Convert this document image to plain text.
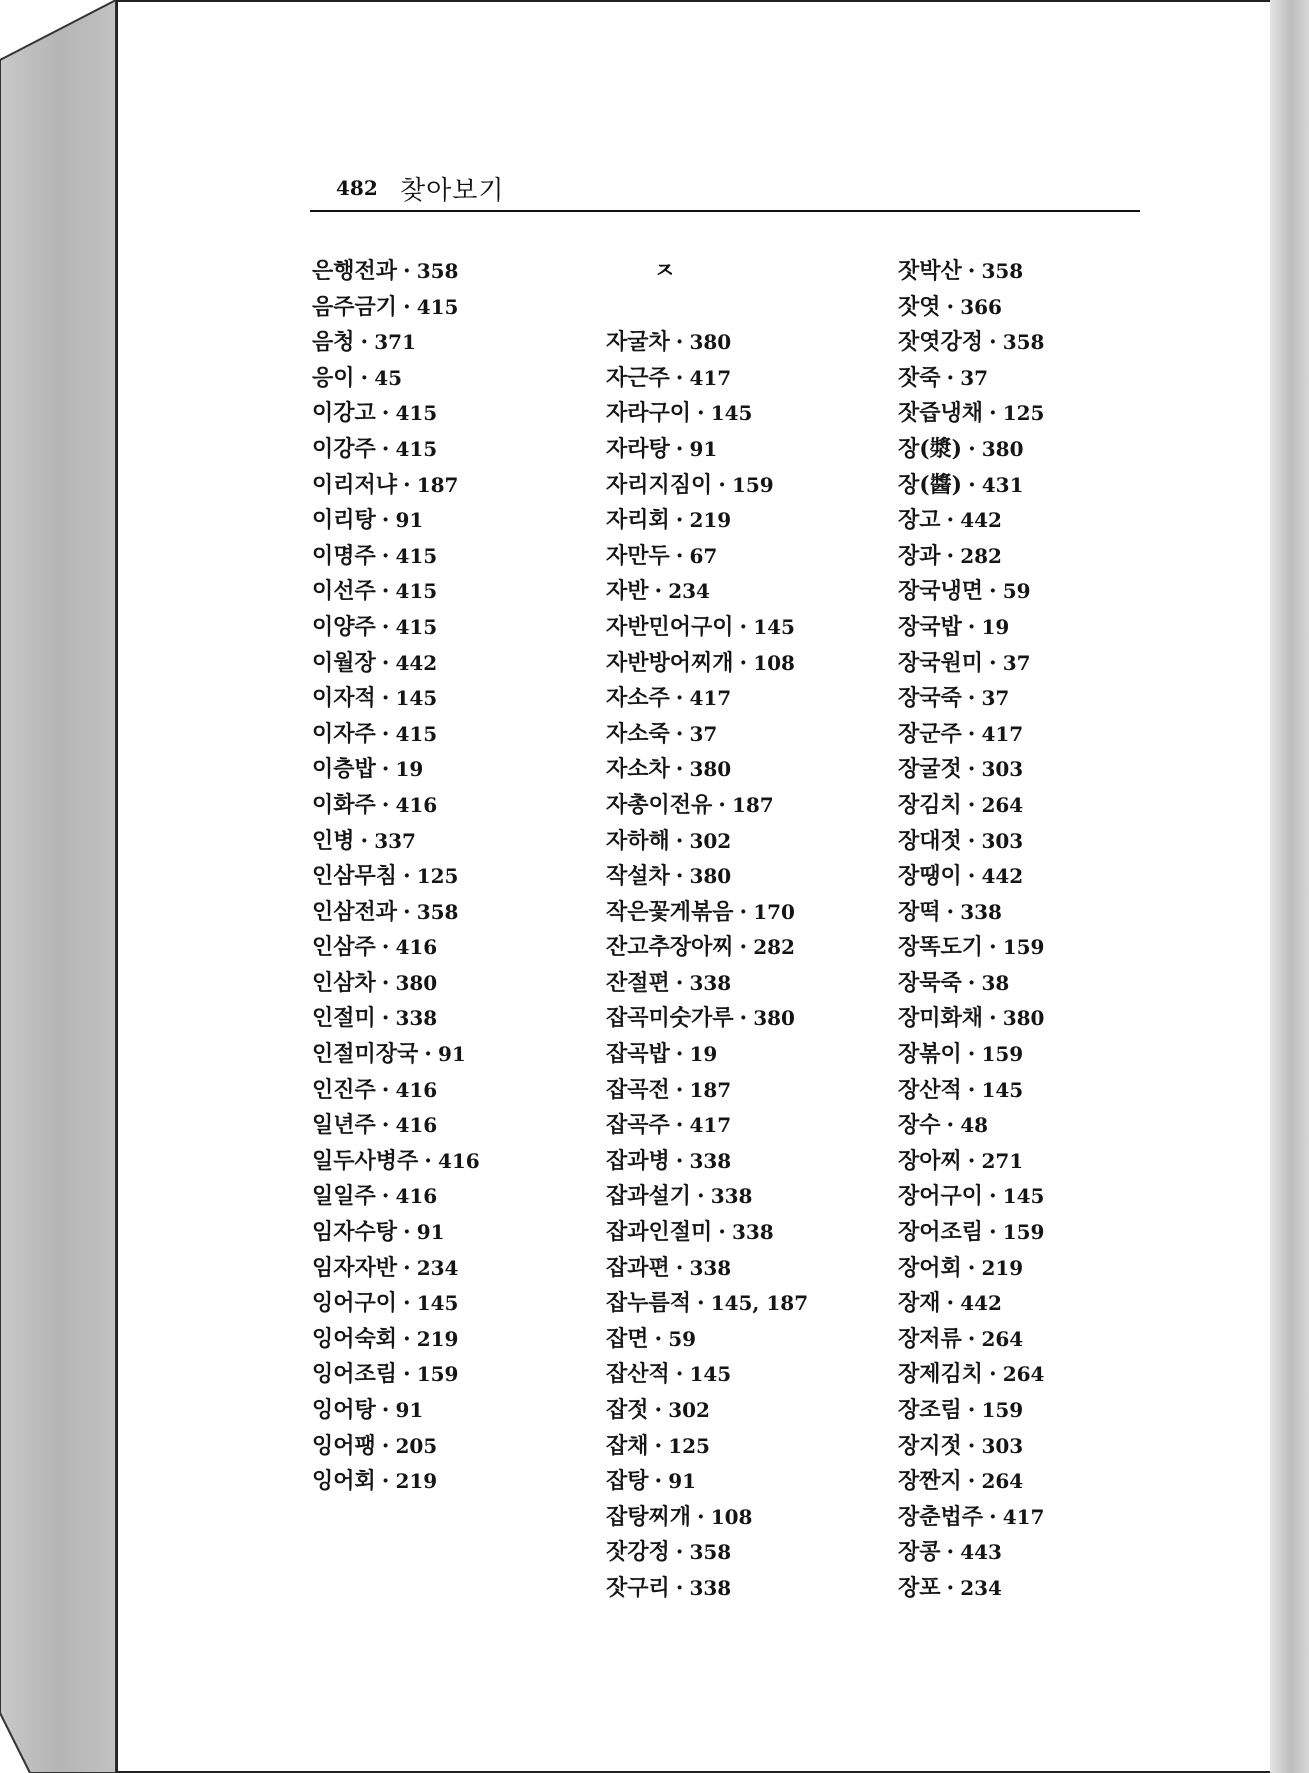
482 찾아보기
은행전과 · 358
음주금기 · 415
음청 · 371
응이 · 45
이강고 · 415
이강주 · 415
이리저냐 · 187
이리탕 · 91
이명주 · 415
이선주 · 415
이양주 · 415
이월장 · 442
이자적 · 145
이자주 · 415
이층밥 · 19
이화주 · 416
인병 · 337
인삼무침 · 125
인삼전과 · 358
인삼주 · 416
인삼차 · 380
인절미 · 338
인절미장국 · 91
인진주 · 416
일년주 · 416
일두사병주 · 416
일일주 · 416
임자수탕 · 91
임자자반 · 234
잉어구이 · 145
잉어숙회 · 219
잉어조림 · 159
잉어탕 · 91
잉어팽 · 205
잉어회 · 219
ㅈ
자굴차 · 380
자근주 · 417
자라구이 · 145
자라탕 · 91
자리지짐이 · 159
자리회 · 219
자만두 · 67
자반 · 234
자반민어구이 · 145
자반방어찌개 · 108
자소주 · 417
자소죽 · 37
자소차 · 380
자총이전유 · 187
자하해 · 302
작설차 · 380
작은꽃게볶음 · 170
잔고추장아찌 · 282
잔절편 · 338
잡곡미숫가루 · 380
잡곡밥 · 19
잡곡전 · 187
잡곡주 · 417
잡과병 · 338
잡과설기 · 338
잡과인절미 · 338
잡과편 · 338
잡누름적 · 145, 187
잡면 · 59
잡산적 · 145
잡젓 · 302
잡채 · 125
잡탕 · 91
잡탕찌개 · 108
잣강정 · 358
잣구리 · 338
잣박산 · 358
잣엿 · 366
잣엿강정 · 358
잣죽 · 37
잣즙냉채 · 125
장(漿) · 380
장(醬) · 431
장고 · 442
장과 · 282
장국냉면 · 59
장국밥 · 19
장국원미 · 37
장국죽 · 37
장군주 · 417
장굴젓 · 303
장김치 · 264
장대젓 · 303
장땡이 · 442
장떡 · 338
장똑도기 · 159
장묵죽 · 38
장미화채 · 380
장볶이 · 159
장산적 · 145
장수 · 48
장아찌 · 271
장어구이 · 145
장어조림 · 159
장어회 · 219
장재 · 442
장저류 · 264
장제김치 · 264
장조림 · 159
장지젓 · 303
장짠지 · 264
장춘법주 · 417
장콩 · 443
장포 · 234
